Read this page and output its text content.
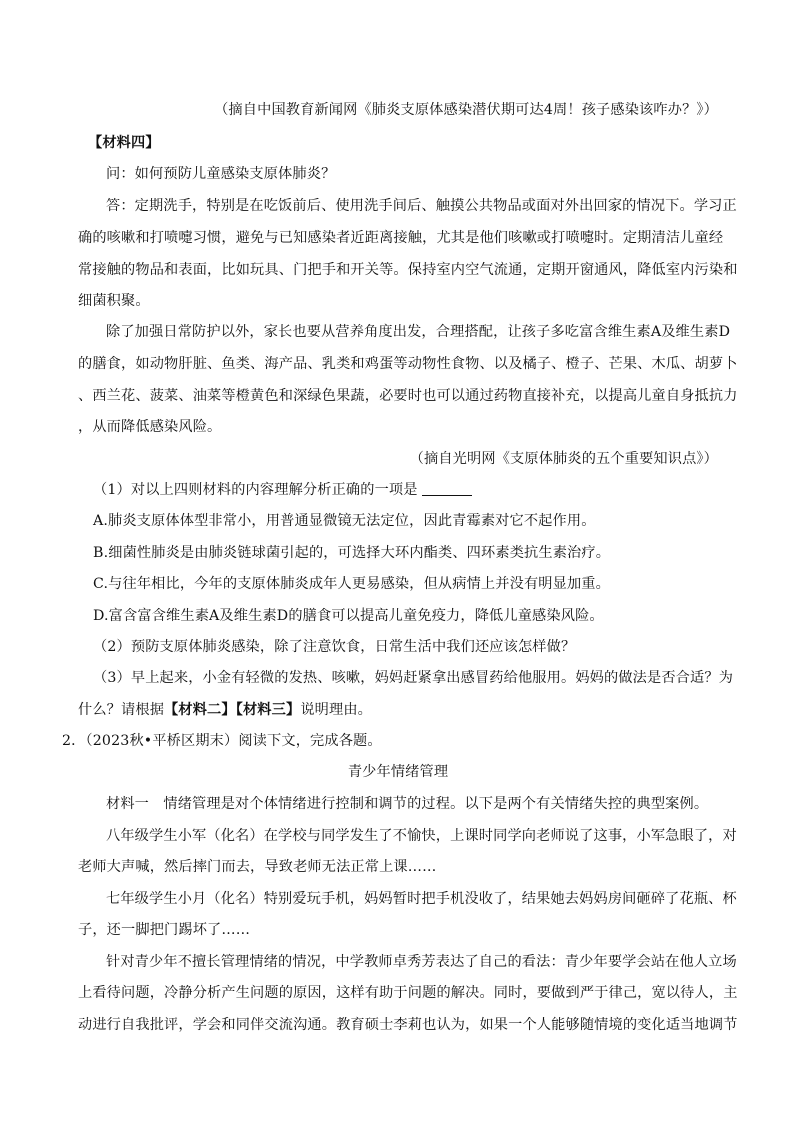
（摘自中国教育新闻网《肺炎支原体感染潜伏期可达4周！孩子感染该咋办？》）
【材料四】
问：如何预防儿童感染支原体肺炎？
答：定期洗手，特别是在吃饭前后、使用洗手间后、触摸公共物品或面对外出回家的情况下。学习正
确的咳嗽和打喷嚏习惯，避免与已知感染者近距离接触，尤其是他们咳嗽或打喷嚏时。定期清洁儿童经
常接触的物品和表面，比如玩具、门把手和开关等。保持室内空气流通，定期开窗通风，降低室内污染和
细菌积聚。
除了加强日常防护以外，家长也要从营养角度出发，合理搭配，让孩子多吃富含维生素A及维生素D
的膳食，如动物肝脏、鱼类、海产品、乳类和鸡蛋等动物性食物、以及橘子、橙子、芒果、木瓜、胡萝卜
、西兰花、菠菜、油菜等橙黄色和深绿色果蔬，必要时也可以通过药物直接补充，以提高儿童自身抵抗力
，从而降低感染风险。
（摘自光明网《支原体肺炎的五个重要知识点》）
（1）对以上四则材料的内容理解分析正确的一项是
A.肺炎支原体体型非常小，用普通显微镜无法定位，因此青霉素对它不起作用。
B.细菌性肺炎是由肺炎链球菌引起的，可选择大环内酯类、四环素类抗生素治疗。
C.与往年相比，今年的支原体肺炎成年人更易感染，但从病情上并没有明显加重。
D.富含富含维生素A及维生素D的膳食可以提高儿童免疫力，降低儿童感染风险。
（2）预防支原体肺炎感染，除了注意饮食，日常生活中我们还应该怎样做？
（3）早上起来，小金有轻微的发热、咳嗽，妈妈赶紧拿出感冒药给他服用。妈妈的做法是否合适？为
什么？请根据【材料二】【材料三】说明理由。
2．（2023秋•平桥区期末）阅读下文，完成各题。
青少年情绪管理
材料一　情绪管理是对个体情绪进行控制和调节的过程。以下是两个有关情绪失控的典型案例。
八年级学生小军（化名）在学校与同学发生了不愉快，上课时同学向老师说了这事，小军急眼了，对
老师大声喊，然后摔门而去，导致老师无法正常上课……
七年级学生小月（化名）特别爱玩手机，妈妈暂时把手机没收了，结果她去妈妈房间砸碎了花瓶、杯
子，还一脚把门踢坏了……
针对青少年不擅长管理情绪的情况，中学教师卓秀芳表达了自己的看法：青少年要学会站在他人立场
上看待问题，冷静分析产生问题的原因，这样有助于问题的解决。同时，要做到严于律己，宽以待人，主
动进行自我批评，学会和同伴交流沟通。教育硕士李莉也认为，如果一个人能够随情境的变化适当地调节
